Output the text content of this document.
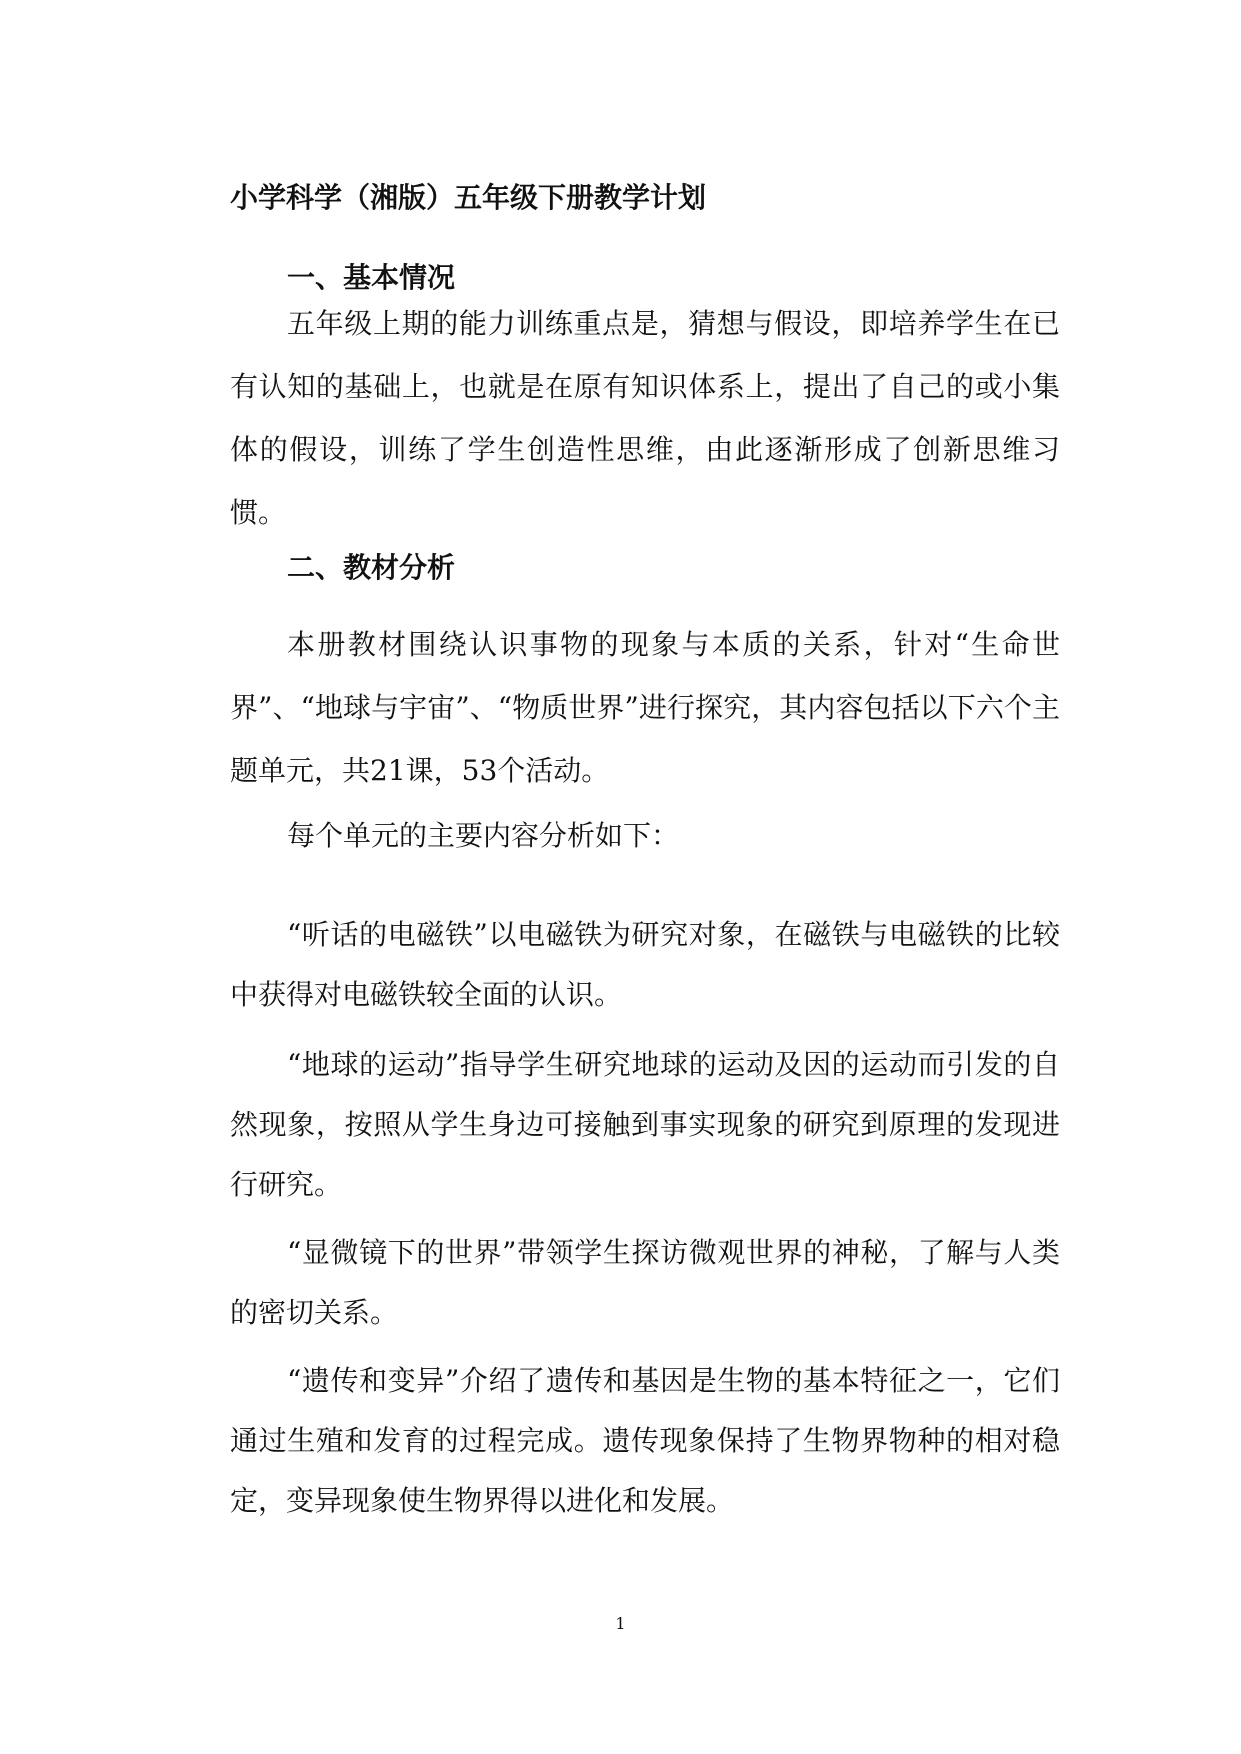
小学科学（湘版）五年级下册教学计划
一、基本情况

五年级上期的能力训练重点是，猜想与假设，即培养学生在已有认知的基础上，也就是在原有知识体系上，提出了自己的或小集体的假设，训练了学生创造性思维，由此逐渐形成了创新思维习惯。

二、教材分析

本册教材围绕认识事物的现象与本质的关系，针对“生命世界”、“地球与宇宙”、“物质世界”进行探究，其内容包括以下六个主题单元，共21课，53个活动。

每个单元的主要内容分析如下：

“听话的电磁铁”以电磁铁为研究对象，在磁铁与电磁铁的比较中获得对电磁铁较全面的认识。

“地球的运动”指导学生研究地球的运动及因的运动而引发的自然现象，按照从学生身边可接触到事实现象的研究到原理的发现进行研究。

“显微镜下的世界”带领学生探访微观世界的神秘，了解与人类的密切关系。

“遗传和变异”介绍了遗传和基因是生物的基本特征之一，它们通过生殖和发育的过程完成。遗传现象保持了生物界物种的相对稳定，变异现象使生物界得以进化和发展。

1
